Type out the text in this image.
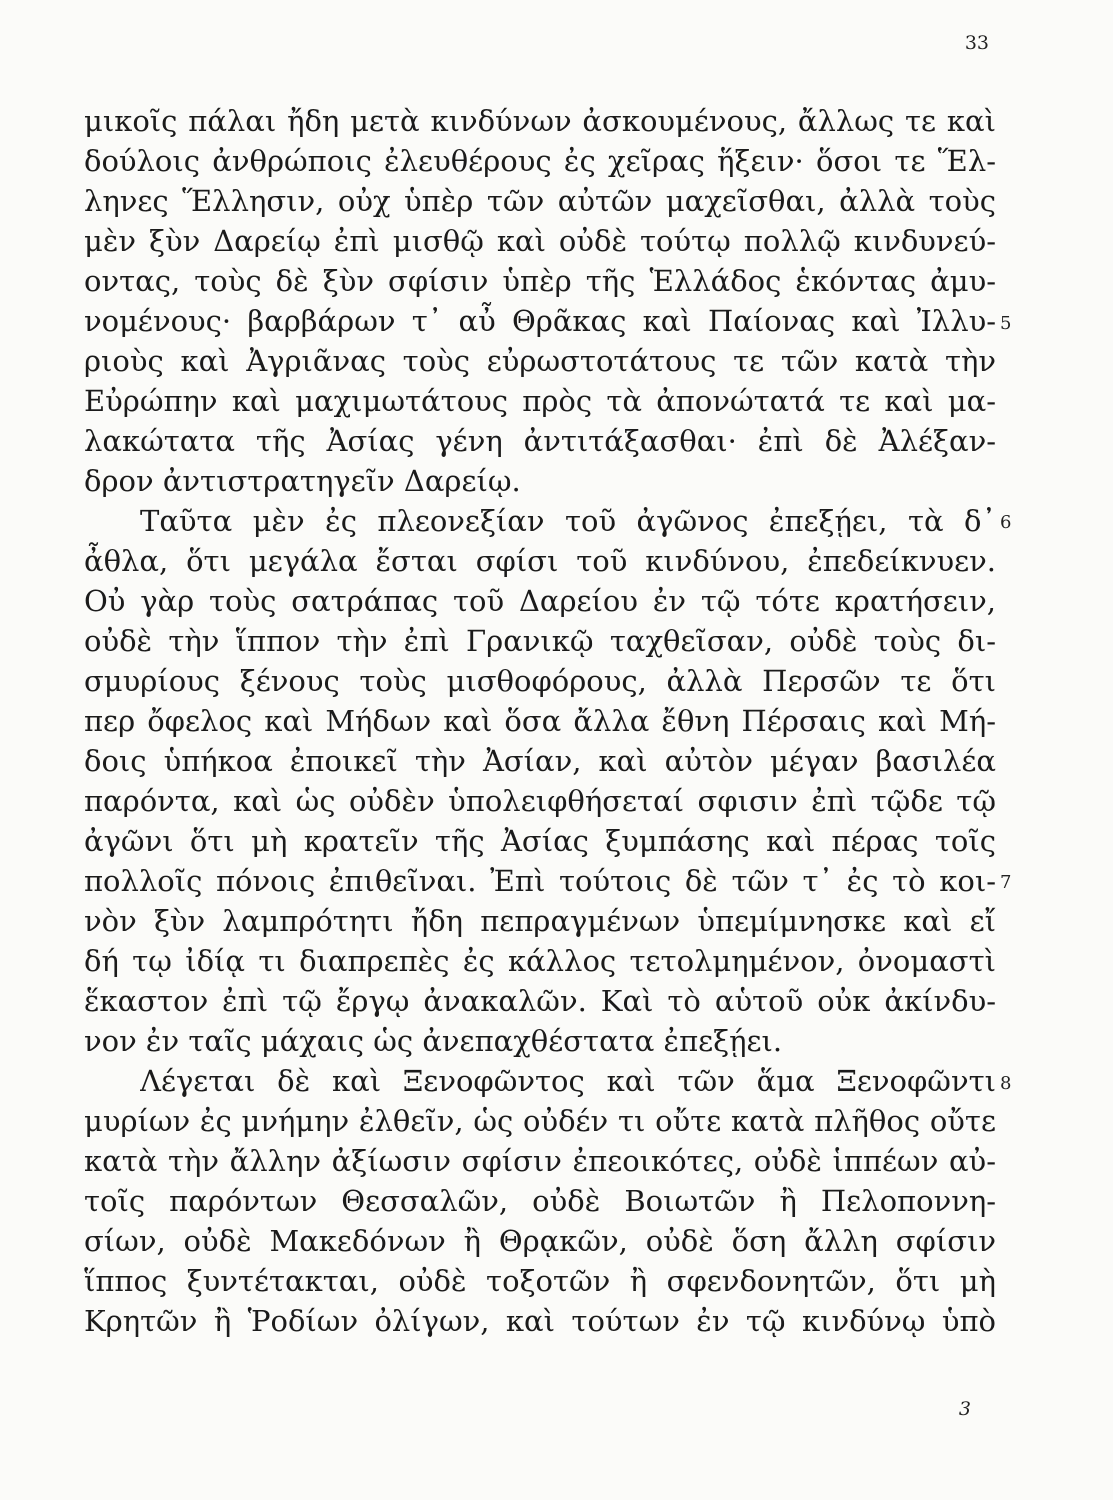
33
μικοῖς πάλαι ἤδη μετὰ κινδύνων ἀσκουμένους, ἄλλως τε καὶ
δούλοις ἀνθρώποις ἐλευθέρους ἐς χεῖρας ἥξειν· ὅσοι τε Ἕλ-
ληνες Ἕλλησιν, οὐχ ὑπὲρ τῶν αὐτῶν μαχεῖσθαι, ἀλλὰ τοὺς
μὲν ξὺν Δαρείῳ ἐπὶ μισθῷ καὶ οὐδὲ τούτῳ πολλῷ κινδυνεύ-
οντας, τοὺς δὲ ξὺν σφίσιν ὑπὲρ τῆς Ἑλλάδος ἑκόντας ἀμυ-
νομένους· βαρβάρων τ᾽ αὖ Θρᾶκας καὶ Παίονας καὶ Ἰλλυ-
ριοὺς καὶ Ἀγριᾶνας τοὺς εὐρωστοτάτους τε τῶν κατὰ τὴν
Εὐρώπην καὶ μαχιμωτάτους πρὸς τὰ ἀπονώτατά τε καὶ μα-
λακώτατα τῆς Ἀσίας γένη ἀντιτάξασθαι· ἐπὶ δὲ Ἀλέξαν-
δρον ἀντιστρατηγεῖν Δαρείῳ.
Ταῦτα μὲν ἐς πλεονεξίαν τοῦ ἀγῶνος ἐπεξῄει, τὰ δ᾽
ἆθλα, ὅτι μεγάλα ἔσται σφίσι τοῦ κινδύνου, ἐπεδείκνυεν.
Οὐ γὰρ τοὺς σατράπας τοῦ Δαρείου ἐν τῷ τότε κρατήσειν,
οὐδὲ τὴν ἵππον τὴν ἐπὶ Γρανικῷ ταχθεῖσαν, οὐδὲ τοὺς δι-
σμυρίους ξένους τοὺς μισθοφόρους, ἀλλὰ Περσῶν τε ὅτι
περ ὄφελος καὶ Μήδων καὶ ὅσα ἄλλα ἔθνη Πέρσαις καὶ Μή-
δοις ὑπήκοα ἐποικεῖ τὴν Ἀσίαν, καὶ αὐτὸν μέγαν βασιλέα
παρόντα, καὶ ὡς οὐδὲν ὑπολειφθήσεταί σφισιν ἐπὶ τῷδε τῷ
ἀγῶνι ὅτι μὴ κρατεῖν τῆς Ἀσίας ξυμπάσης καὶ πέρας τοῖς
πολλοῖς πόνοις ἐπιθεῖναι. Ἐπὶ τούτοις δὲ τῶν τ᾽ ἐς τὸ κοι-
νὸν ξὺν λαμπρότητι ἤδη πεπραγμένων ὑπεμίμνησκε καὶ εἴ
δή τῳ ἰδίᾳ τι διαπρεπὲς ἐς κάλλος τετολμημένον, ὀνομαστὶ
ἕκαστον ἐπὶ τῷ ἔργῳ ἀνακαλῶν. Καὶ τὸ αὑτοῦ οὐκ ἀκίνδυ-
νον ἐν ταῖς μάχαις ὡς ἀνεπαχθέστατα ἐπεξῄει.
Λέγεται δὲ καὶ Ξενοφῶντος καὶ τῶν ἅμα Ξενοφῶντι
μυρίων ἐς μνήμην ἐλθεῖν, ὡς οὐδέν τι οὔτε κατὰ πλῆθος οὔτε
κατὰ τὴν ἄλλην ἀξίωσιν σφίσιν ἐπεοικότες, οὐδὲ ἱππέων αὐ-
τοῖς παρόντων Θεσσαλῶν, οὐδὲ Βοιωτῶν ἢ Πελοποννη-
σίων, οὐδὲ Μακεδόνων ἢ Θρᾳκῶν, οὐδὲ ὅση ἄλλη σφίσιν
ἵππος ξυντέτακται, οὐδὲ τοξοτῶν ἢ σφενδονητῶν, ὅτι μὴ
Κρητῶν ἢ Ῥοδίων ὀλίγων, καὶ τούτων ἐν τῷ κινδύνῳ ὑπὸ
5
6
7
8
3
